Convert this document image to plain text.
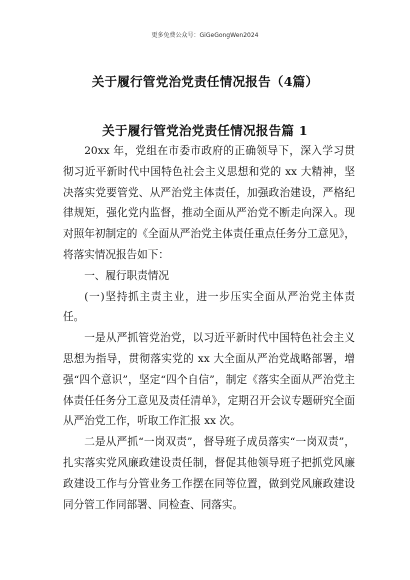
更多免费公众号：GiGeGongWen2024
关于履行管党治党责任情况报告（4篇）
关于履行管党治党责任情况报告篇 1

20xx 年，党组在市委市政府的正确领导下，深入学习贯彻习近平新时代中国特色社会主义思想和党的 xx 大精神，坚决落实党要管党、从严治党主体责任，加强政治建设，严格纪律规矩，强化党内监督，推动全面从严治党不断走向深入。现对照年初制定的《全面从严治党主体责任重点任务分工意见》，将落实情况报告如下：

一、履行职责情况

(一)坚持抓主责主业，进一步压实全面从严治党主体责任。

一是从严抓管党治党，以习近平新时代中国特色社会主义思想为指导，贯彻落实党的 xx 大全面从严治党战略部署，增强“四个意识”，坚定“四个自信”，制定《落实全面从严治党主体责任任务分工意见及责任清单》，定期召开会议专题研究全面从严治党工作，听取工作汇报 xx 次。

二是从严抓“一岗双责”，督导班子成员落实“一岗双责”，扎实落实党风廉政建设责任制，督促其他领导班子把抓党风廉政建设工作与分管业务工作摆在同等位置，做到党风廉政建设同分管工作同部署、同检查、同落实。
